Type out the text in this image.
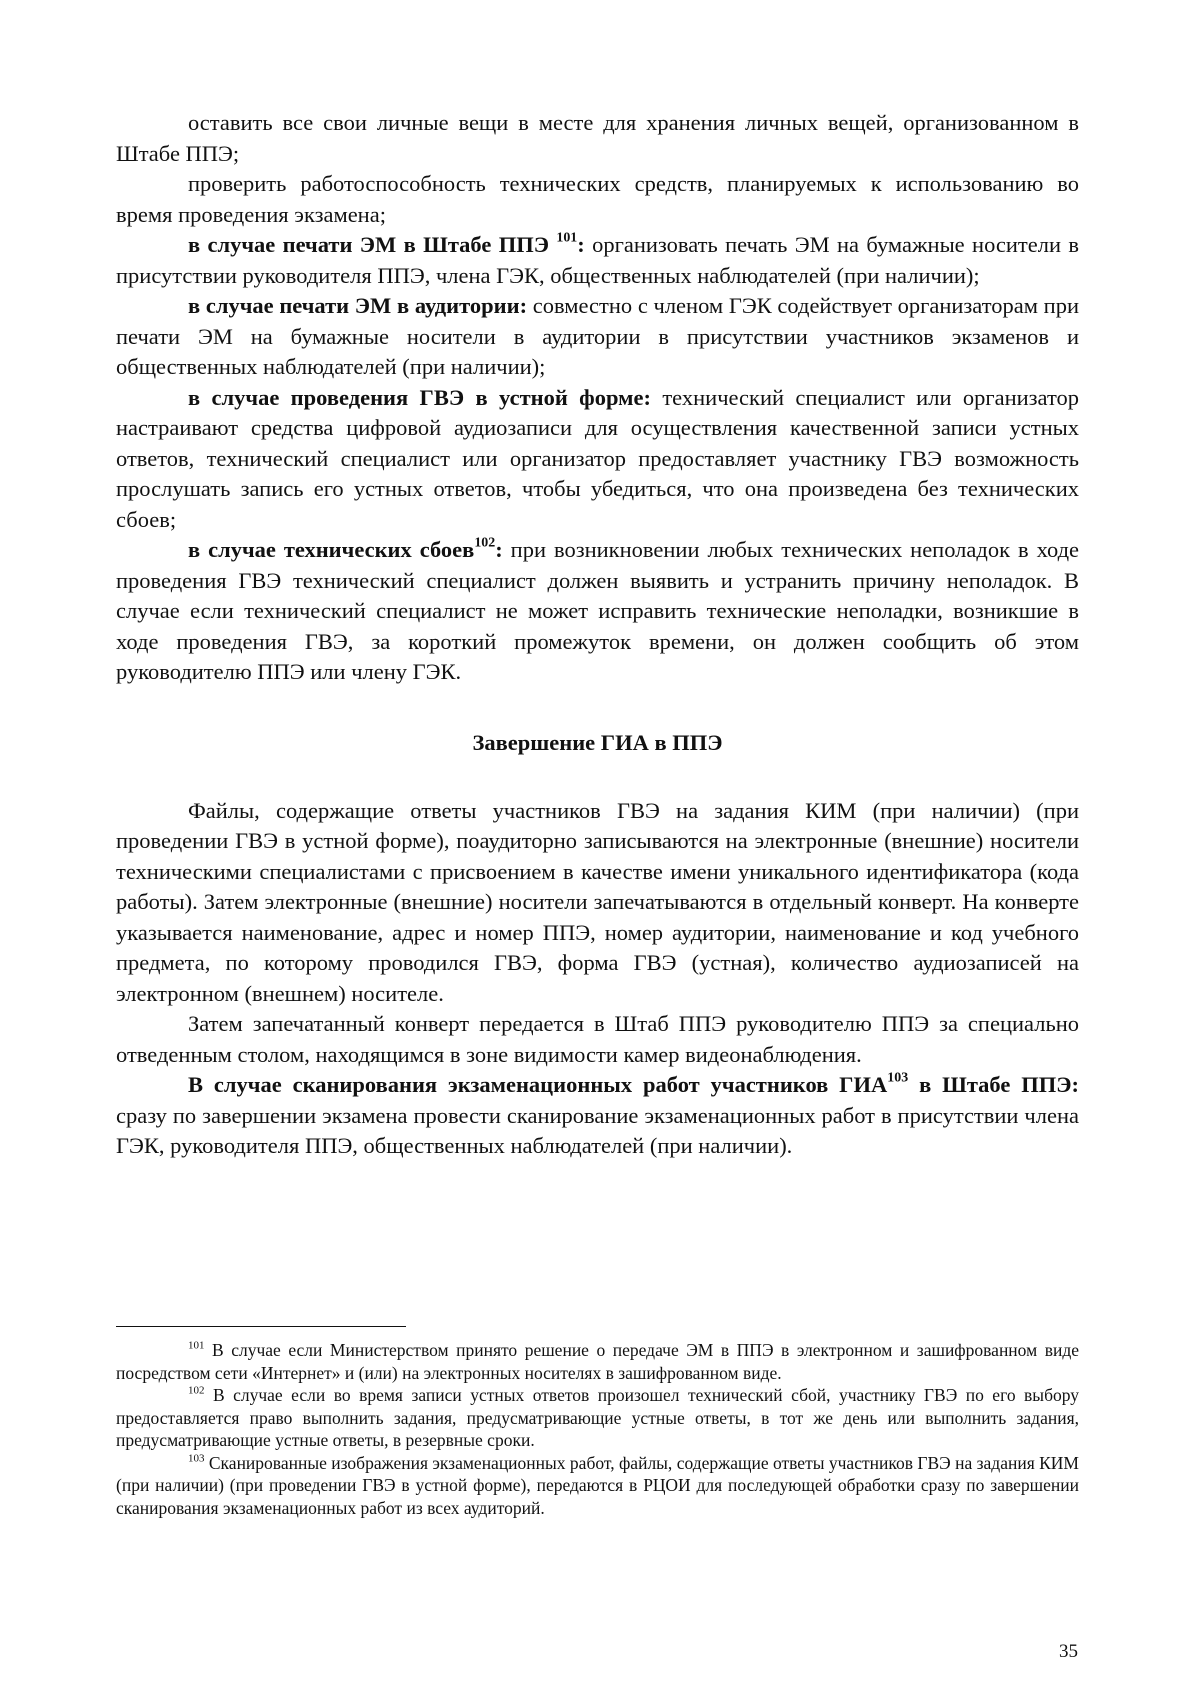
оставить все свои личные вещи в месте для хранения личных вещей, организованном в Штабе ППЭ;

проверить работоспособность технических средств, планируемых к использованию во время проведения экзамена;

в случае печати ЭМ в Штабе ППЭ $^{101}$: организовать печать ЭМ на бумажные носители в присутствии руководителя ППЭ, члена ГЭК, общественных наблюдателей (при наличии);

в случае печати ЭМ в аудитории: совместно с членом ГЭК содействует организаторам при печати ЭМ на бумажные носители в аудитории в присутствии участников экзаменов и общественных наблюдателей (при наличии);

в случае проведения ГВЭ в устной форме: технический специалист или организатор настраивают средства цифровой аудиозаписи для осуществления качественной записи устных ответов, технический специалист или организатор предоставляет участнику ГВЭ возможность прослушать запись его устных ответов, чтобы убедиться, что она произведена без технических сбоев;

в случае технических сбоев$^{102}$: при возникновении любых технических неполадок в ходе проведения ГВЭ технический специалист должен выявить и устранить причину неполадок. В случае если технический специалист не может исправить технические неполадки, возникшие в ходе проведения ГВЭ, за короткий промежуток времени, он должен сообщить об этом руководителю ППЭ или члену ГЭК.

Завершение ГИА в ППЭ

Файлы, содержащие ответы участников ГВЭ на задания КИМ (при наличии) (при проведении ГВЭ в устной форме), поаудиторно записываются на электронные (внешние) носители техническими специалистами с присвоением в качестве имени уникального идентификатора (кода работы). Затем электронные (внешние) носители запечатываются в отдельный конверт. На конверте указывается наименование, адрес и номер ППЭ, номер аудитории, наименование и код учебного предмета, по которому проводился ГВЭ, форма ГВЭ (устная), количество аудиозаписей на электронном (внешнем) носителе.

Затем запечатанный конверт передается в Штаб ППЭ руководителю ППЭ за специально отведенным столом, находящимся в зоне видимости камер видеонаблюдения.

В случае сканирования экзаменационных работ участников ГИА$^{103}$ в Штабе ППЭ: сразу по завершении экзамена провести сканирование экзаменационных работ в присутствии члена ГЭК, руководителя ППЭ, общественных наблюдателей (при наличии).

$^{101}$ В случае если Министерством принято решение о передаче ЭМ в ППЭ в электронном и зашифрованном виде посредством сети «Интернет» и (или) на электронных носителях в зашифрованном виде.

$^{102}$ В случае если во время записи устных ответов произошел технический сбой, участнику ГВЭ по его выбору предоставляется право выполнить задания, предусматривающие устные ответы, в тот же день или выполнить задания, предусматривающие устные ответы, в резервные сроки.

$^{103}$ Сканированные изображения экзаменационных работ, файлы, содержащие ответы участников ГВЭ на задания КИМ (при наличии) (при проведении ГВЭ в устной форме), передаются в РЦОИ для последующей обработки сразу по завершении сканирования экзаменационных работ из всех аудиторий.

35
